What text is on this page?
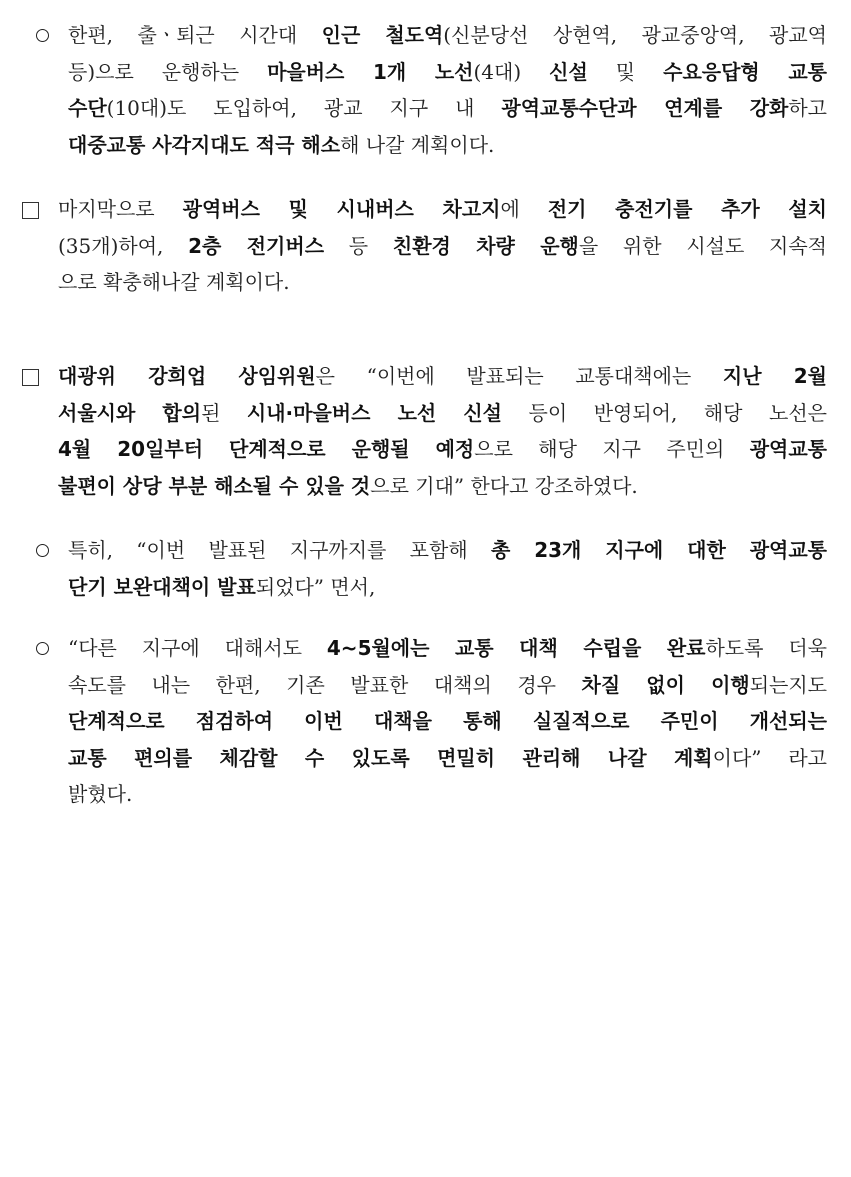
한편, 출ㆍ퇴근 시간대 인근 철도역(신분당선 상현역, 광교중앙역, 광교역
등)으로 운행하는 마을버스 1개 노선(4대) 신설 및 수요응답형 교통
수단(10대)도 도입하여, 광교 지구 내 광역교통수단과 연계를 강화하고
대중교통 사각지대도 적극 해소해 나갈 계획이다.
마지막으로 광역버스 및 시내버스 차고지에 전기 충전기를 추가 설치
(35개)하여, 2층 전기버스 등 친환경 차량 운행을 위한 시설도 지속적
으로 확충해나갈 계획이다.
대광위 강희업 상임위원은 “이번에 발표되는 교통대책에는 지난 2월
서울시와 합의된 시내·마을버스 노선 신설 등이 반영되어, 해당 노선은
4월 20일부터 단계적으로 운행될 예정으로 해당 지구 주민의 광역교통
불편이 상당 부분 해소될 수 있을 것으로 기대” 한다고 강조하였다.
특히, “이번 발표된 지구까지를 포함해 총 23개 지구에 대한 광역교통
단기 보완대책이 발표되었다” 면서,
“다른 지구에 대해서도 4~5월에는 교통 대책 수립을 완료하도록 더욱
속도를 내는 한편, 기존 발표한 대책의 경우 차질 없이 이행되는지도
단계적으로 점검하여 이번 대책을 통해 실질적으로 주민이 개선되는
교통 편의를 체감할 수 있도록 면밀히 관리해 나갈 계획이다” 라고
밝혔다.
